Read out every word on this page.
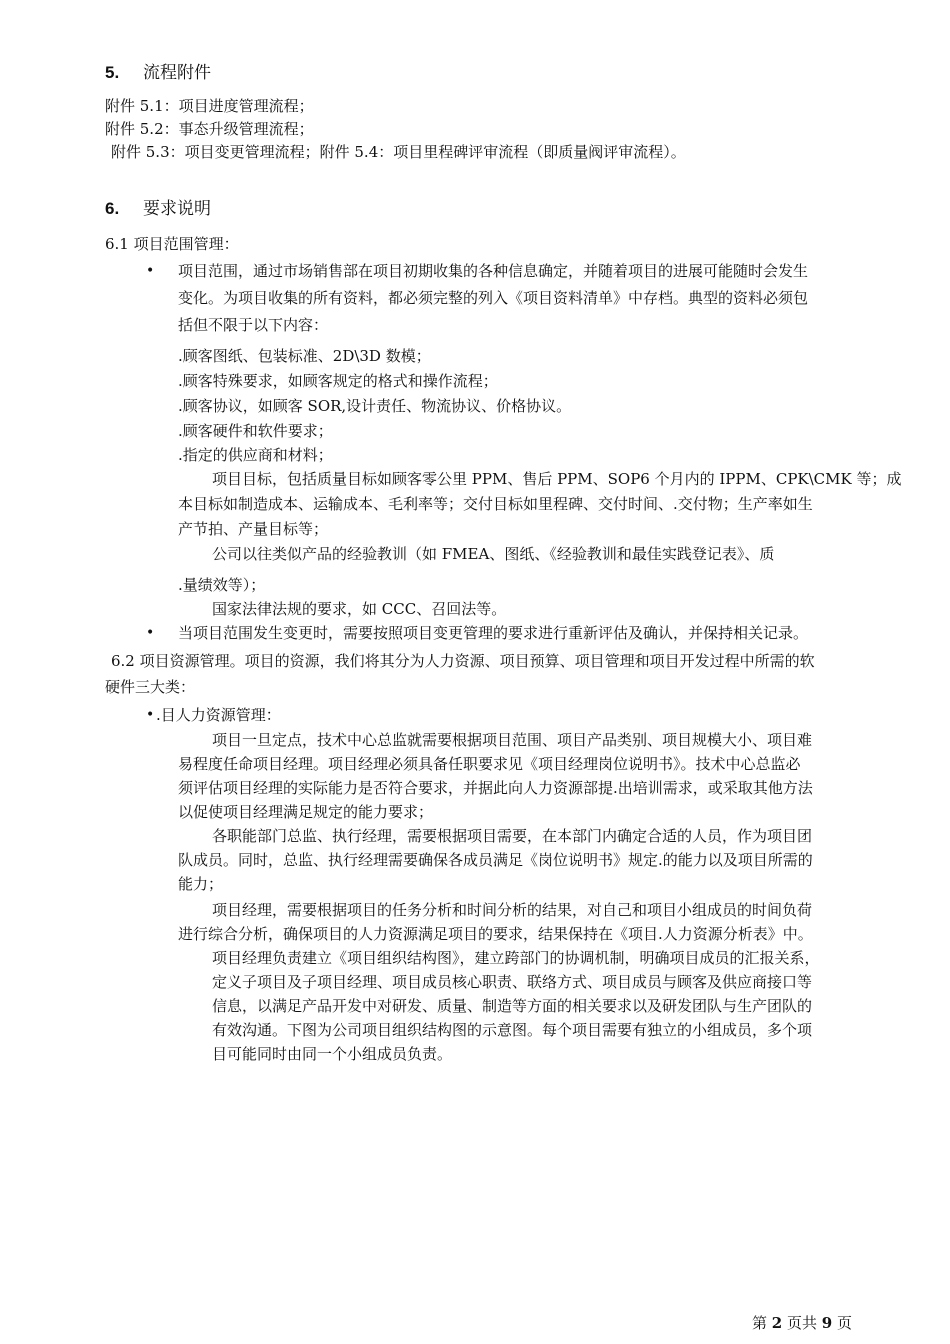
5. 流程附件
附件 5.1：项目进度管理流程；
附件 5.2：事态升级管理流程；
附件 5.3：项目变更管理流程；附件 5.4：项目里程碑评审流程（即质量阀评审流程）。
6. 要求说明
6.1 项目范围管理：
• 项目范围，通过市场销售部在项目初期收集的各种信息确定，并随着项目的进展可能随时会发生
变化。为项目收集的所有资料，都必须完整的列入《项目资料清单》中存档。典型的资料必须包
括但不限于以下内容：
.顾客图纸、包装标准、2D\3D 数模；
.顾客特殊要求，如顾客规定的格式和操作流程；
.顾客协议，如顾客 SOR,设计责任、物流协议、价格协议。
.顾客硬件和软件要求；
.指定的供应商和材料；
项目目标，包括质量目标如顾客零公里 PPM、售后 PPM、SOP6 个月内的 IPPM、CPK\CMK 等；成
本目标如制造成本、运输成本、毛利率等；交付目标如里程碑、交付时间、.交付物；生产率如生
产节拍、产量目标等；
公司以往类似产品的经验教训（如 FMEA、图纸、《经验教训和最佳实践登记表》、质
.量绩效等）；
国家法律法规的要求，如 CCC、召回法等。
• 当项目范围发生变更时，需要按照项目变更管理的要求进行重新评估及确认，并保持相关记录。
6.2 项目资源管理。项目的资源，我们将其分为人力资源、项目预算、项目管理和项目开发过程中所需的软
硬件三大类：
• .目人力资源管理：
项目一旦定点，技术中心总监就需要根据项目范围、项目产品类别、项目规模大小、项目难
易程度任命项目经理。项目经理必须具备任职要求见《项目经理岗位说明书》。技术中心总监必
须评估项目经理的实际能力是否符合要求，并据此向人力资源部提.出培训需求，或采取其他方法
以促使项目经理满足规定的能力要求；
各职能部门总监、执行经理，需要根据项目需要，在本部门内确定合适的人员，作为项目团
队成员。同时，总监、执行经理需要确保各成员满足《岗位说明书》规定.的能力以及项目所需的
能力；
项目经理，需要根据项目的任务分析和时间分析的结果，对自己和项目小组成员的时间负荷
进行综合分析，确保项目的人力资源满足项目的要求，结果保持在《项目.人力资源分析表》中。
项目经理负责建立《项目组织结构图》，建立跨部门的协调机制，明确项目成员的汇报关系，
定义子项目及子项目经理、项目成员核心职责、联络方式、项目成员与顾客及供应商接口等
信息，以满足产品开发中对研发、质量、制造等方面的相关要求以及研发团队与生产团队的
有效沟通。下图为公司项目组织结构图的示意图。每个项目需要有独立的小组成员，多个项
目可能同时由同一个小组成员负责。
第 2 页共 9 页
